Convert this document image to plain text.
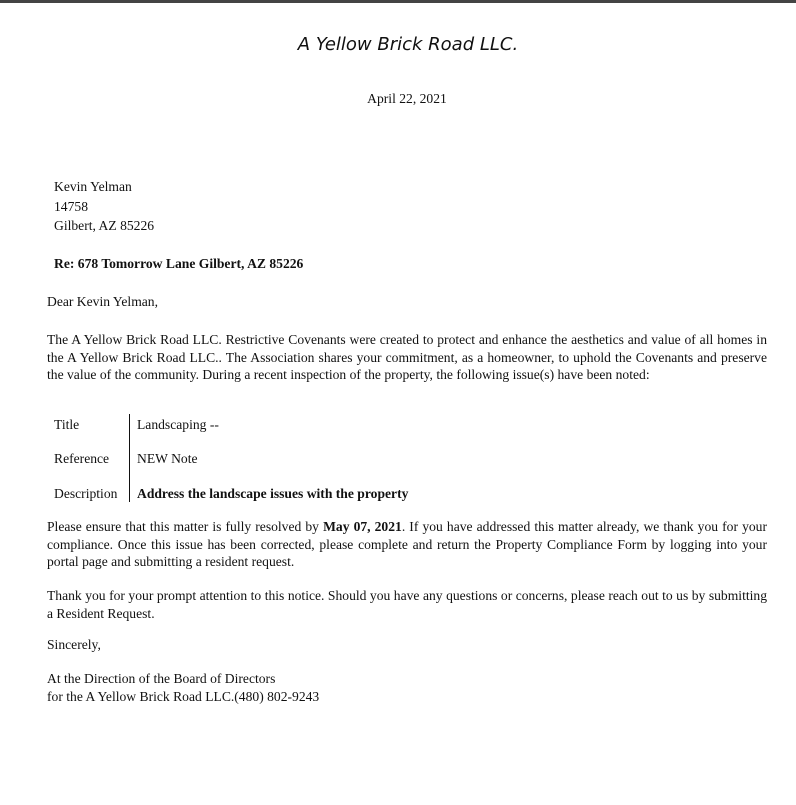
A Yellow Brick Road LLC.
April 22, 2021
Kevin Yelman
14758
Gilbert, AZ 85226
Re: 678 Tomorrow Lane Gilbert, AZ 85226
Dear Kevin Yelman,
The A Yellow Brick Road LLC. Restrictive Covenants were created to protect and enhance the aesthetics and value of all homes in the A Yellow Brick Road LLC.. The Association shares your commitment, as a homeowner, to uphold the Covenants and preserve the value of the community. During a recent inspection of the property, the following issue(s) have been noted:
Title	Landscaping --
Reference NEW Note
Description Address the landscape issues with the property
Please ensure that this matter is fully resolved by May 07, 2021. If you have addressed this matter already, we thank you for your compliance. Once this issue has been corrected, please complete and return the Property Compliance Form by logging into your portal page and submitting a resident request.
Thank you for your prompt attention to this notice. Should you have any questions or concerns, please reach out to us by submitting a Resident Request.
Sincerely,
At the Direction of the Board of Directors
for the A Yellow Brick Road LLC.(480) 802-9243
